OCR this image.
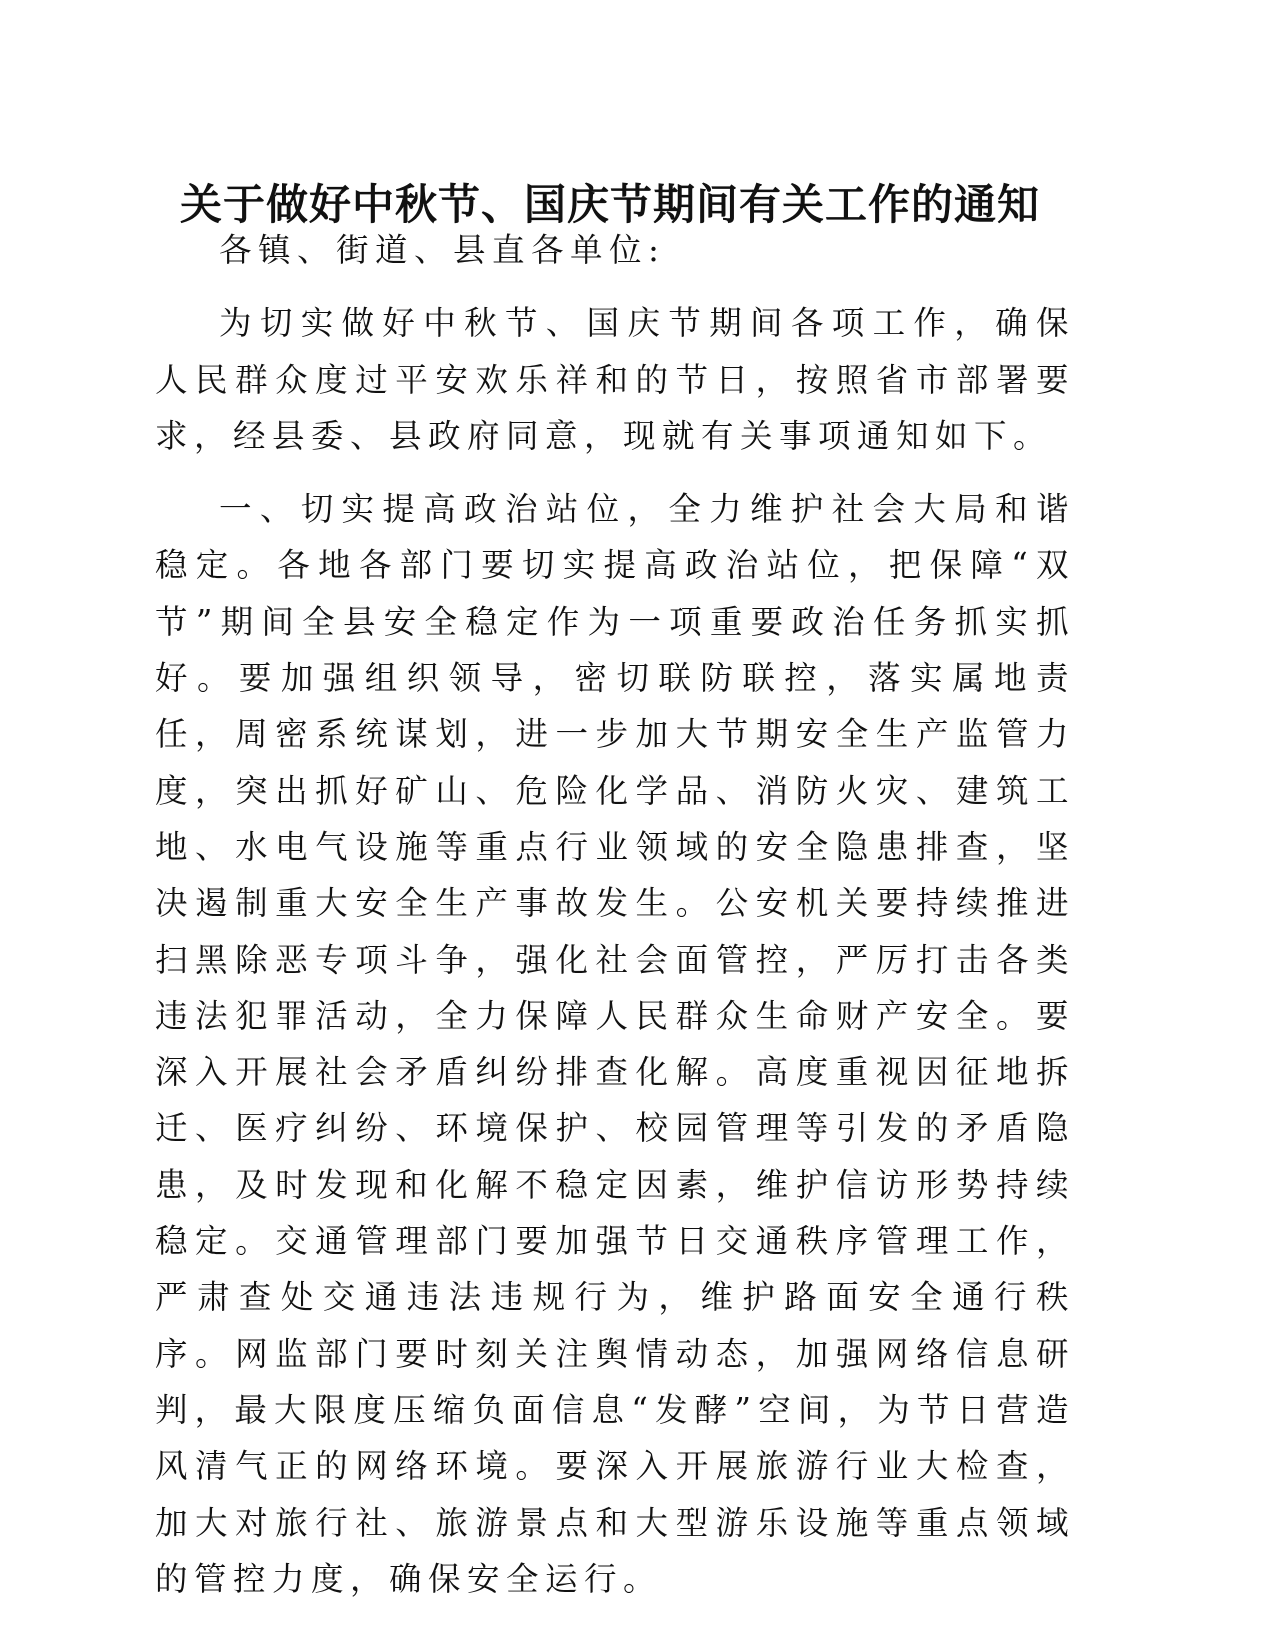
关于做好中秋节、国庆节期间有关工作的通知

各镇、街道、县直各单位:

为切实做好中秋节、国庆节期间各项工作，确保人民群众度过平安欢乐祥和的节日，按照省市部署要求，经县委、县政府同意，现就有关事项通知如下。

一、切实提高政治站位，全力维护社会大局和谐稳定。各地各部门要切实提高政治站位，把保障“双节”期间全县安全稳定作为一项重要政治任务抓实抓好。要加强组织领导，密切联防联控，落实属地责任，周密系统谋划，进一步加大节期安全生产监管力度，突出抓好矿山、危险化学品、消防火灾、建筑工地、水电气设施等重点行业领域的安全隐患排查，坚决遏制重大安全生产事故发生。公安机关要持续推进扫黑除恶专项斗争，强化社会面管控，严厉打击各类违法犯罪活动，全力保障人民群众生命财产安全。要深入开展社会矛盾纠纷排查化解。高度重视因征地拆迁、医疗纠纷、环境保护、校园管理等引发的矛盾隐患，及时发现和化解不稳定因素，维护信访形势持续稳定。交通管理部门要加强节日交通秩序管理工作，严肃查处交通违法违规行为，维护路面安全通行秩序。网监部门要时刻关注舆情动态，加强网络信息研判，最大限度压缩负面信息“发酵”空间，为节日营造风清气正的网络环境。要深入开展旅游行业大检查，加大对旅行社、旅游景点和大型游乐设施等重点领域的管控力度，确保安全运行。
